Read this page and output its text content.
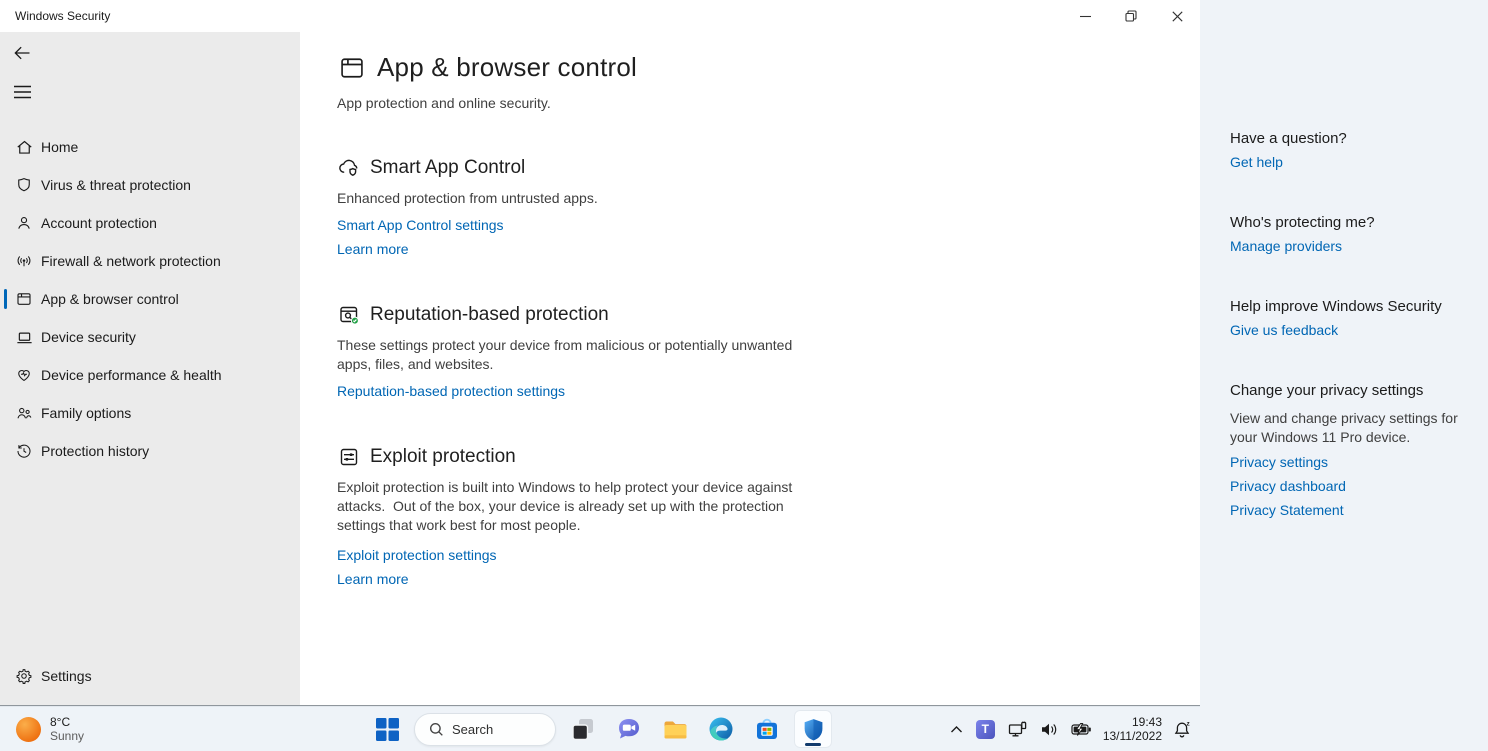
Windows Security
Home
Virus & threat protection
Account protection
Firewall & network protection
App & browser control
Device security
Device performance & health
Family options
Protection history
Settings
App & browser control

App protection and online security.

Smart App Control

Enhanced protection from untrusted apps.

Smart App Control settings
Learn more
Reputation-based protection

These settings protect your device from malicious or potentially unwanted apps, files, and websites.

Reputation-based protection settings
Exploit protection

Exploit protection is built into Windows to help protect your device against attacks.  Out of the box, your device is already set up with the protection settings that work best for most people.

Exploit protection settings
Learn more
Have a question?
Get help
Who's protecting me?
Manage providers
Help improve Windows Security
Give us feedback
Change your privacy settings

View and change privacy settings for your Windows 11 Pro device.

Privacy settings
Privacy dashboard
Privacy Statement
8°C
Sunny	Search	T	19:43
13/11/2022
z
